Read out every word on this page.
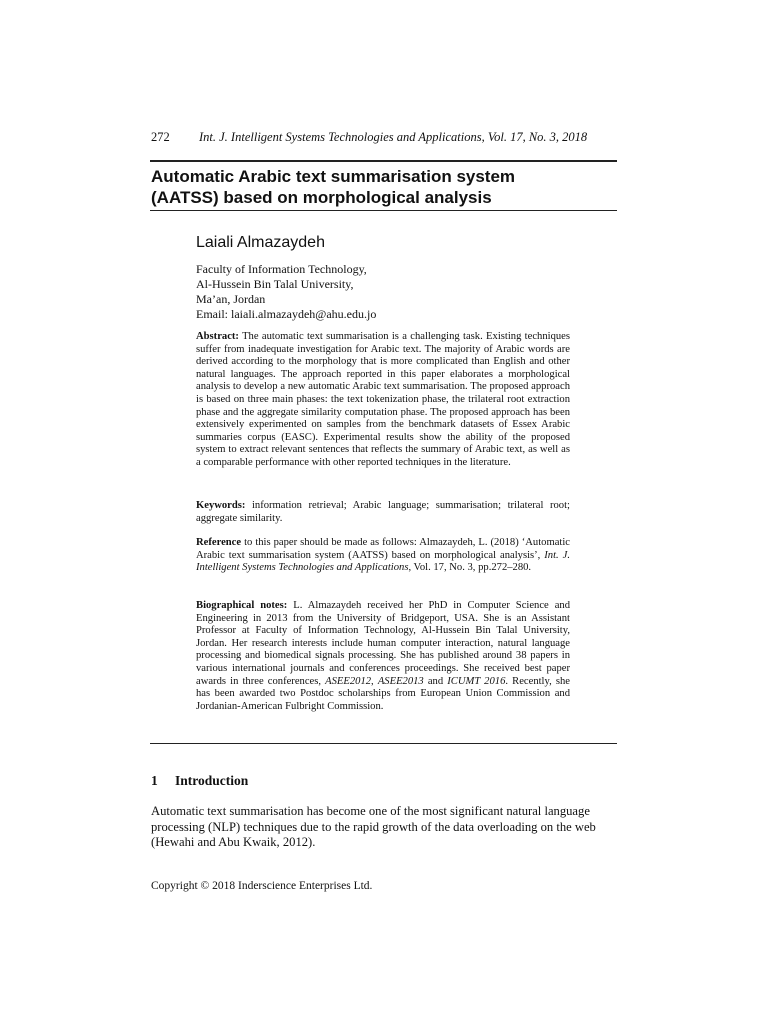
272 Int. J. Intelligent Systems Technologies and Applications, Vol. 17, No. 3, 2018
Automatic Arabic text summarisation system
(AATSS) based on morphological analysis
Laiali Almazaydeh
Faculty of Information Technology,
Al-Hussein Bin Talal University,
Ma’an, Jordan
Email: laiali.almazaydeh@ahu.edu.jo

Abstract: The automatic text summarisation is a challenging task. Existing techniques suffer from inadequate investigation for Arabic text. The majority of Arabic words are derived according to the morphology that is more complicated than English and other natural languages. The approach reported in this paper elaborates a morphological analysis to develop a new automatic Arabic text summarisation. The proposed approach is based on three main phases: the text tokenization phase, the trilateral root extraction phase and the aggregate similarity computation phase. The proposed approach has been extensively experimented on samples from the benchmark datasets of Essex Arabic summaries corpus (EASC). Experimental results show the ability of the proposed system to extract relevant sentences that reflects the summary of Arabic text, as well as a comparable performance with other reported techniques in the literature.

Keywords: information retrieval; Arabic language; summarisation; trilateral root; aggregate similarity.

Reference to this paper should be made as follows: Almazaydeh, L. (2018) ‘Automatic Arabic text summarisation system (AATSS) based on morphological analysis’, Int. J. Intelligent Systems Technologies and Applications, Vol. 17, No. 3, pp.272–280.

Biographical notes: L. Almazaydeh received her PhD in Computer Science and Engineering in 2013 from the University of Bridgeport, USA. She is an Assistant Professor at Faculty of Information Technology, Al-Hussein Bin Talal University, Jordan. Her research interests include human computer interaction, natural language processing and biomedical signals processing. She has published around 38 papers in various international journals and conferences proceedings. She received best paper awards in three conferences, ASEE2012, ASEE2013 and ICUMT 2016. Recently, she has been awarded two Postdoc scholarships from European Union Commission and Jordanian-American Fulbright Commission.

1 Introduction

Automatic text summarisation has become one of the most significant natural language processing (NLP) techniques due to the rapid growth of the data overloading on the web (Hewahi and Abu Kwaik, 2012).

Copyright © 2018 Inderscience Enterprises Ltd.
